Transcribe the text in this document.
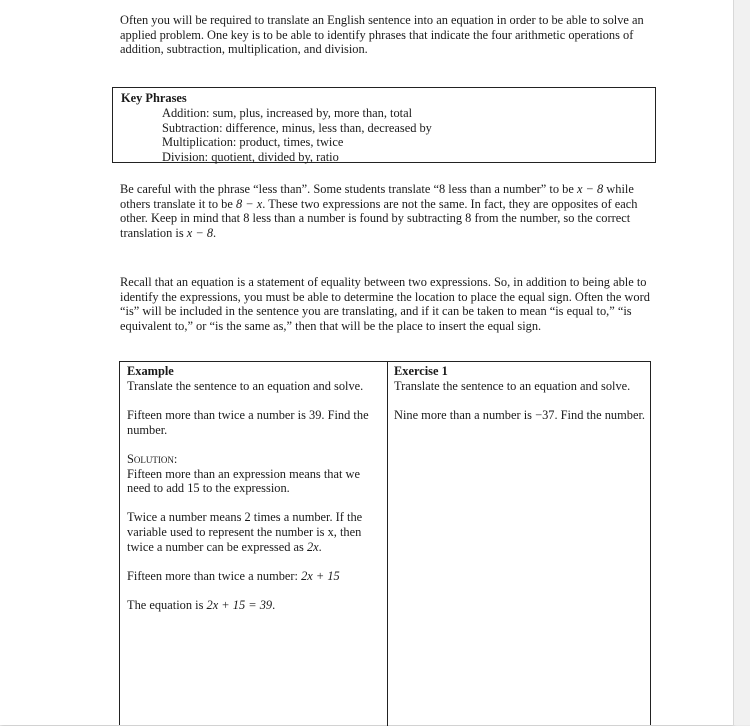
Often you will be required to translate an English sentence into an equation in order to be able to solve an applied problem. One key is to be able to identify phrases that indicate the four arithmetic operations of addition, subtraction, multiplication, and division.

Key Phrases
Addition: sum, plus, increased by, more than, total
Subtraction: difference, minus, less than, decreased by
Multiplication: product, times, twice
Division: quotient, divided by, ratio

Be careful with the phrase “less than”. Some students translate “8 less than a number” to be x − 8 while others translate it to be 8 − x. These two expressions are not the same. In fact, they are opposites of each other. Keep in mind that 8 less than a number is found by subtracting 8 from the number, so the correct translation is x − 8.

Recall that an equation is a statement of equality between two expressions. So, in addition to being able to identify the expressions, you must be able to determine the location to place the equal sign. Often the word “is” will be included in the sentence you are translating, and if it can be taken to mean “is equal to,” “is equivalent to,” or “is the same as,” then that will be the place to insert the equal sign.

Example
Translate the sentence to an equation and solve.
Fifteen more than twice a number is 39. Find the number.
Solution:
Fifteen more than an expression means that we need to add 15 to the expression.
Twice a number means 2 times a number. If the variable used to represent the number is x, then twice a number can be expressed as 2x.
Fifteen more than twice a number: 2x + 15
The equation is 2x + 15 = 39.
Exercise 1
Translate the sentence to an equation and solve.
Nine more than a number is −37. Find the number.
